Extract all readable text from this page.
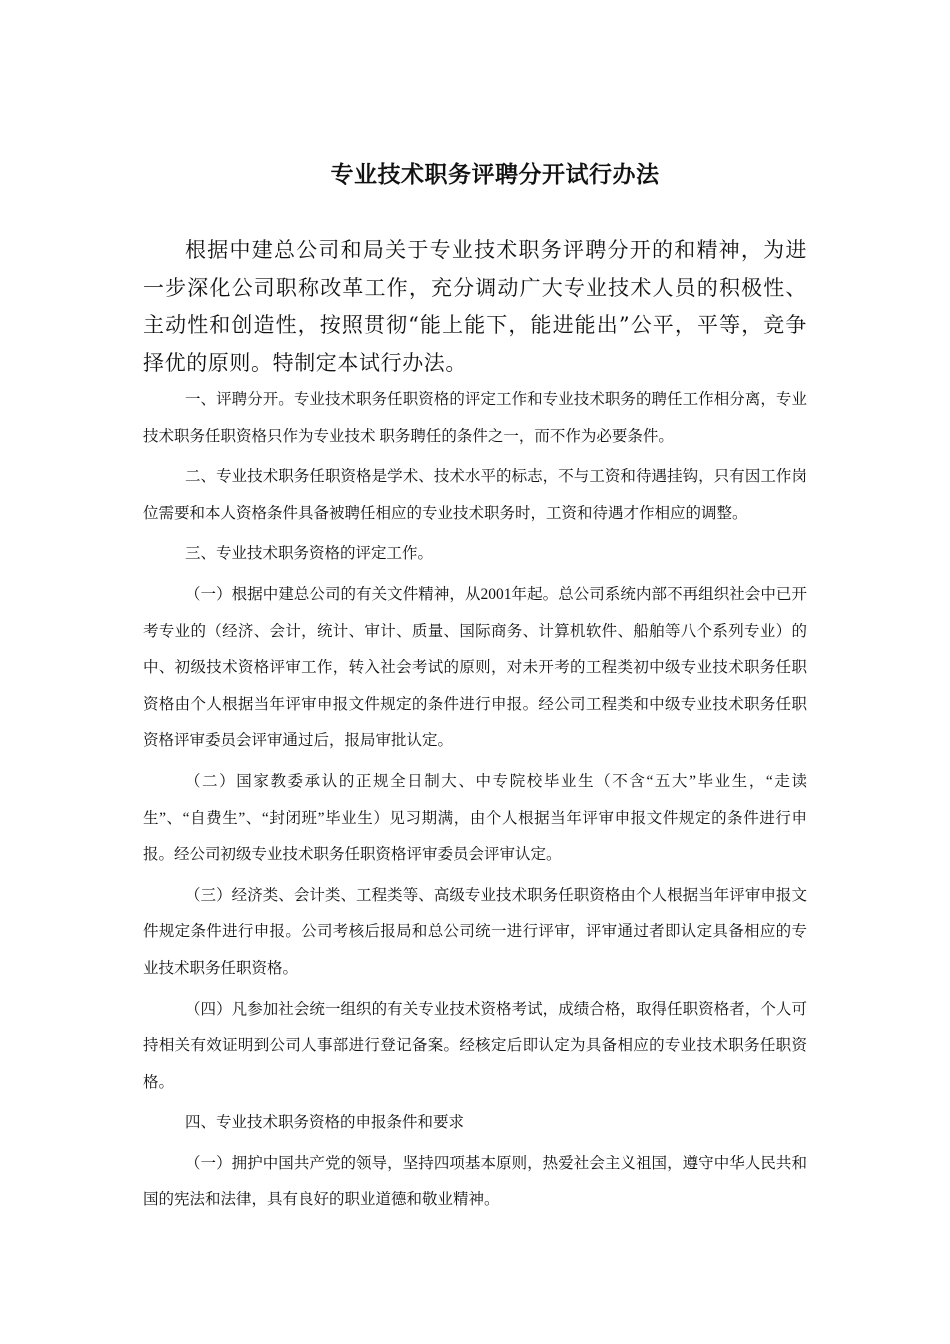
专业技术职务评聘分开试行办法

根据中建总公司和局关于专业技术职务评聘分开的和精神，为进一步深化公司职称改革工作，充分调动广大专业技术人员的积极性、主动性和创造性，按照贯彻“能上能下，能进能出”公平，平等，竞争择优的原则。特制定本试行办法。

一、评聘分开。专业技术职务任职资格的评定工作和专业技术职务的聘任工作相分离，专业技术职务任职资格只作为专业技术 职务聘任的条件之一，而不作为必要条件。

二、专业技术职务任职资格是学术、技术水平的标志，不与工资和待遇挂钩，只有因工作岗位需要和本人资格条件具备被聘任相应的专业技术职务时，工资和待遇才作相应的调整。

三、专业技术职务资格的评定工作。

（一）根据中建总公司的有关文件精神，从2001年起。总公司系统内部不再组织社会中已开考专业的（经济、会计，统计、审计、质量、国际商务、计算机软件、船舶等八个系列专业）的中、初级技术资格评审工作，转入社会考试的原则，对未开考的工程类初中级专业技术职务任职资格由个人根据当年评审申报文件规定的条件进行申报。经公司工程类和中级专业技术职务任职资格评审委员会评审通过后，报局审批认定。

（二）国家教委承认的正规全日制大、中专院校毕业生（不含“五大”毕业生，“走读生”、“自费生”、“封闭班”毕业生）见习期满，由个人根据当年评审申报文件规定的条件进行申报。经公司初级专业技术职务任职资格评审委员会评审认定。

（三）经济类、会计类、工程类等、高级专业技术职务任职资格由个人根据当年评审申报文件规定条件进行申报。公司考核后报局和总公司统一进行评审，评审通过者即认定具备相应的专业技术职务任职资格。

（四）凡参加社会统一组织的有关专业技术资格考试，成绩合格，取得任职资格者，个人可持相关有效证明到公司人事部进行登记备案。经核定后即认定为具备相应的专业技术职务任职资格。

四、专业技术职务资格的申报条件和要求

（一）拥护中国共产党的领导，坚持四项基本原则，热爱社会主义祖国，遵守中华人民共和国的宪法和法律，具有良好的职业道德和敬业精神。
